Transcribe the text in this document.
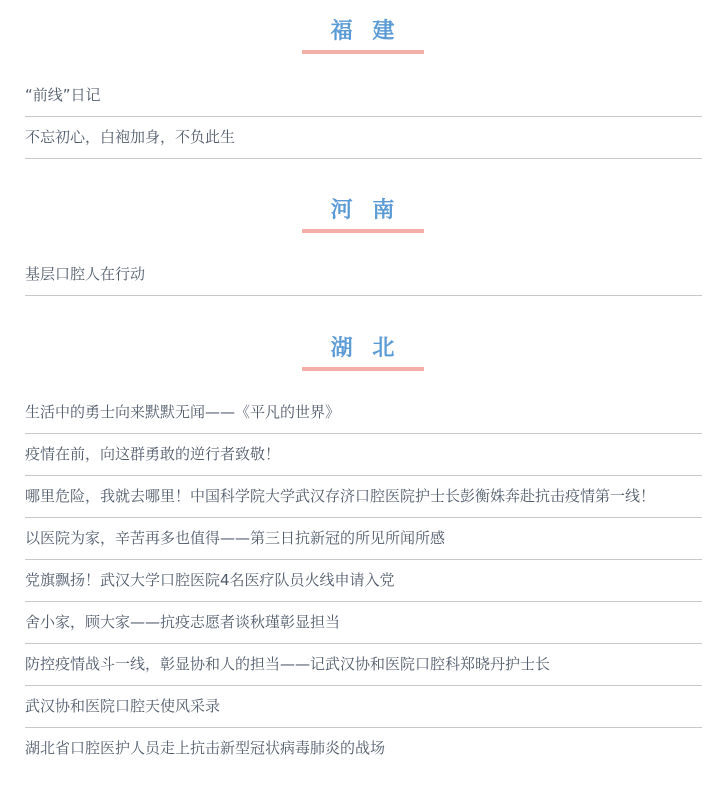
福 建
“前线”日记
不忘初心，白袍加身，不负此生
河 南
基层口腔人在行动
湖 北
生活中的勇士向来默默无闻——《平凡的世界》
疫情在前，向这群勇敢的逆行者致敬！
哪里危险，我就去哪里！中国科学院大学武汉存济口腔医院护士长彭衡姝奔赴抗击疫情第一线！
以医院为家，辛苦再多也值得——第三日抗新冠的所见所闻所感
党旗飘扬！武汉大学口腔医院4名医疗队员火线申请入党
舍小家，顾大家——抗疫志愿者谈秋瑾彰显担当
防控疫情战斗一线，彰显协和人的担当——记武汉协和医院口腔科郑晓丹护士长
武汉协和医院口腔天使风采录
湖北省口腔医护人员走上抗击新型冠状病毒肺炎的战场
